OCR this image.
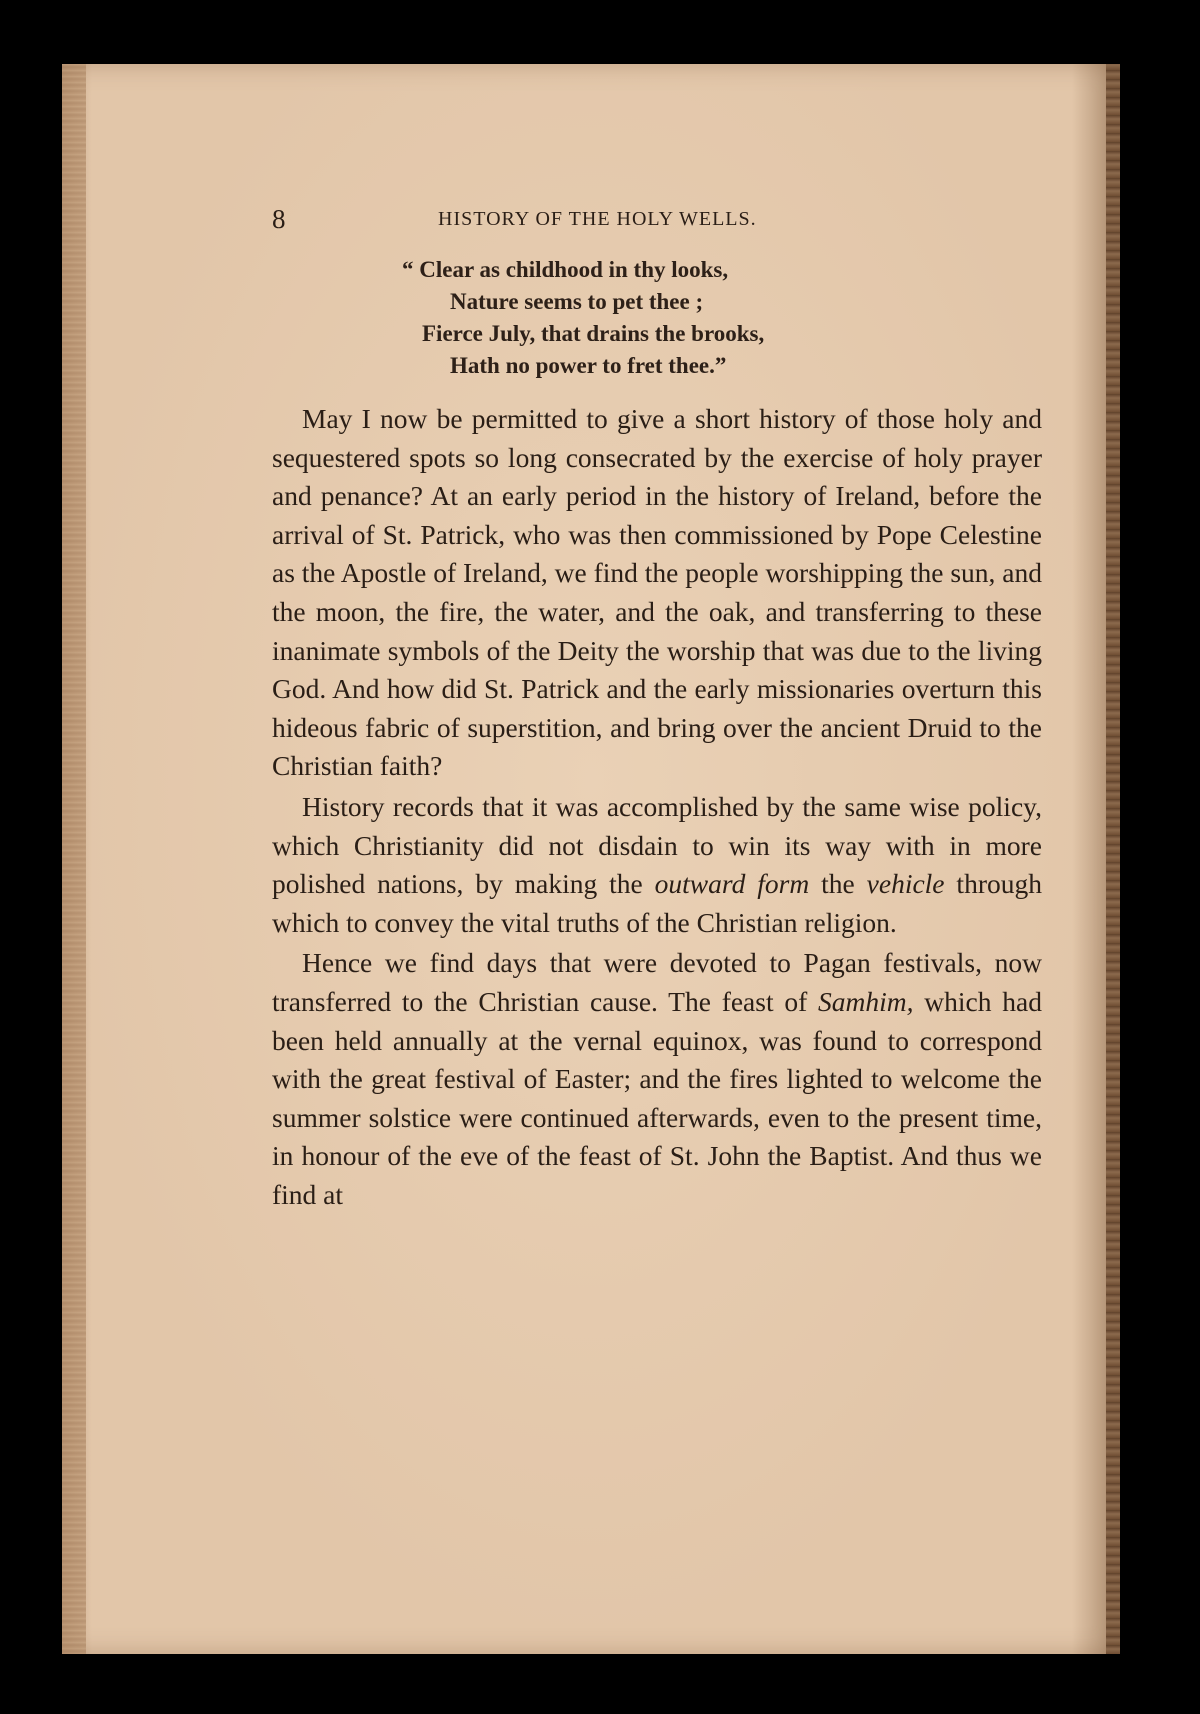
8	HISTORY OF THE HOLY WELLS.
“ Clear as childhood in thy looks,
Nature seems to pet thee ;
Fierce July, that drains the brooks,
Hath no power to fret thee.”

May I now be permitted to give a short history of those holy and sequestered spots so long consecrated by the exercise of holy prayer and penance? At an early period in the history of Ireland, before the arrival of St. Patrick, who was then commissioned by Pope Celestine as the Apostle of Ireland, we find the people worshipping the sun, and the moon, the fire, the water, and the oak, and transferring to these inanimate symbols of the Deity the worship that was due to the living God. And how did St. Patrick and the early missionaries overturn this hideous fabric of superstition, and bring over the ancient Druid to the Christian faith?

History records that it was accomplished by the same wise policy, which Christianity did not disdain to win its way with in more polished nations, by making the outward form the vehicle through which to convey the vital truths of the Christian religion.

Hence we find days that were devoted to Pagan festivals, now transferred to the Christian cause. The feast of Samhim, which had been held annually at the vernal equinox, was found to correspond with the great festival of Easter; and the fires lighted to welcome the summer solstice were continued afterwards, even to the present time, in honour of the eve of the feast of St. John the Baptist. And thus we find at
